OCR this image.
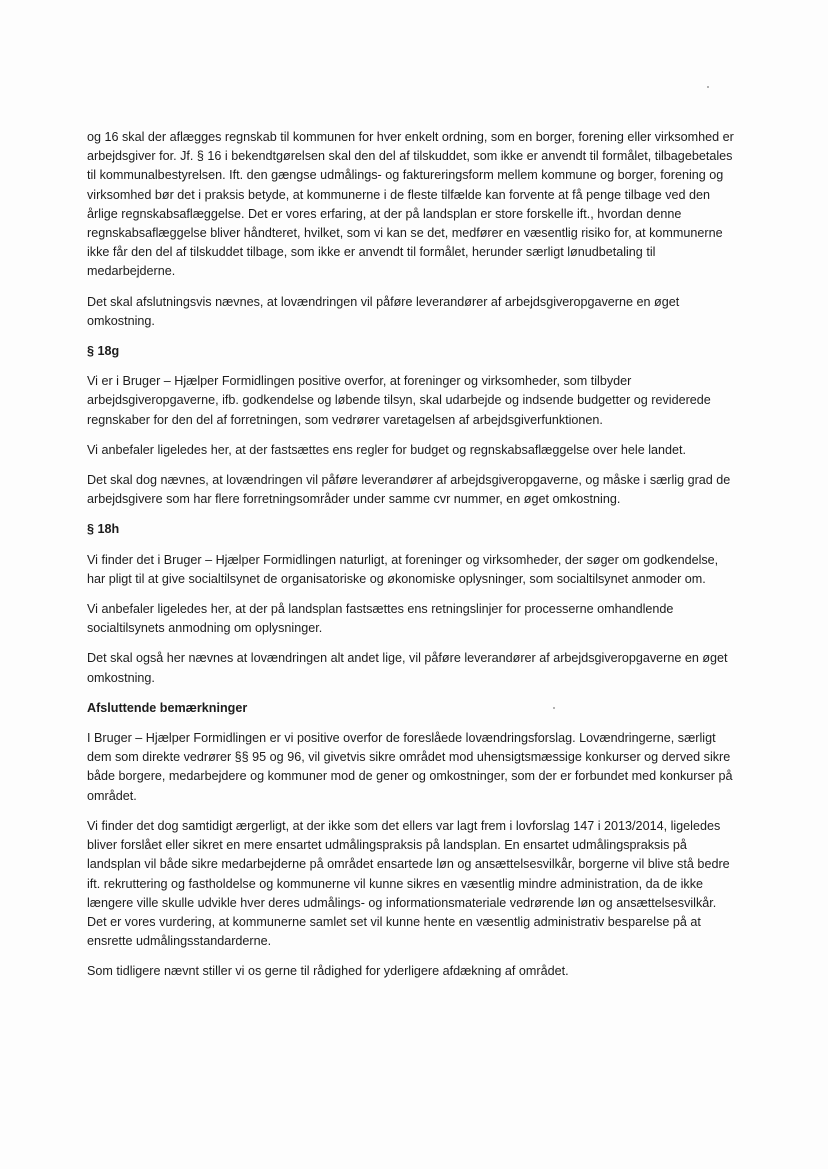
og 16 skal der aflægges regnskab til kommunen for hver enkelt ordning, som en borger, forening eller virksomhed er arbejdsgiver for. Jf. § 16 i bekendtgørelsen skal den del af tilskuddet, som ikke er anvendt til formålet, tilbagebetales til kommunalbestyrelsen. Ift. den gængse udmålings- og faktureringsform mellem kommune og borger, forening og virksomhed bør det i praksis betyde, at kommunerne i de fleste tilfælde kan forvente at få penge tilbage ved den årlige regnskabsaflæggelse. Det er vores erfaring, at der på landsplan er store forskelle ift., hvordan denne regnskabsaflæggelse bliver håndteret, hvilket, som vi kan se det, medfører en væsentlig risiko for, at kommunerne ikke får den del af tilskuddet tilbage, som ikke er anvendt til formålet, herunder særligt lønudbetaling til medarbejderne.

Det skal afslutningsvis nævnes, at lovændringen vil påføre leverandører af arbejdsgiveropgaverne en øget omkostning.

§ 18g

Vi er i Bruger – Hjælper Formidlingen positive overfor, at foreninger og virksomheder, som tilbyder arbejdsgiveropgaverne, ifb. godkendelse og løbende tilsyn, skal udarbejde og indsende budgetter og reviderede regnskaber for den del af forretningen, som vedrører varetagelsen af arbejdsgiverfunktionen.

Vi anbefaler ligeledes her, at der fastsættes ens regler for budget og regnskabsaflæggelse over hele landet.

Det skal dog nævnes, at lovændringen vil påføre leverandører af arbejdsgiveropgaverne, og måske i særlig grad de arbejdsgivere som har flere forretningsområder under samme cvr nummer, en øget omkostning.

§ 18h

Vi finder det i Bruger – Hjælper Formidlingen naturligt, at foreninger og virksomheder, der søger om godkendelse, har pligt til at give socialtilsynet de organisatoriske og økonomiske oplysninger, som socialtilsynet anmoder om.

Vi anbefaler ligeledes her, at der på landsplan fastsættes ens retningslinjer for processerne omhandlende socialtilsynets anmodning om oplysninger.

Det skal også her nævnes at lovændringen alt andet lige, vil påføre leverandører af arbejdsgiveropgaverne en øget omkostning.

Afsluttende bemærkninger

I Bruger – Hjælper Formidlingen er vi positive overfor de foreslåede lovændringsforslag. Lovændringerne, særligt dem som direkte vedrører §§ 95 og 96, vil givetvis sikre området mod uhensigtsmæssige konkurser og derved sikre både borgere, medarbejdere og kommuner mod de gener og omkostninger, som der er forbundet med konkurser på området.

Vi finder det dog samtidigt ærgerligt, at der ikke som det ellers var lagt frem i lovforslag 147 i 2013/2014, ligeledes bliver forslået eller sikret en mere ensartet udmålingspraksis på landsplan. En ensartet udmålingspraksis på landsplan vil både sikre medarbejderne på området ensartede løn og ansættelsesvilkår, borgerne vil blive stå bedre ift. rekruttering og fastholdelse og kommunerne vil kunne sikres en væsentlig mindre administration, da de ikke længere ville skulle udvikle hver deres udmålings- og informationsmateriale vedrørende løn og ansættelsesvilkår. Det er vores vurdering, at kommunerne samlet set vil kunne hente en væsentlig administrativ besparelse på at ensrette udmålingsstandarderne.

Som tidligere nævnt stiller vi os gerne til rådighed for yderligere afdækning af området.
